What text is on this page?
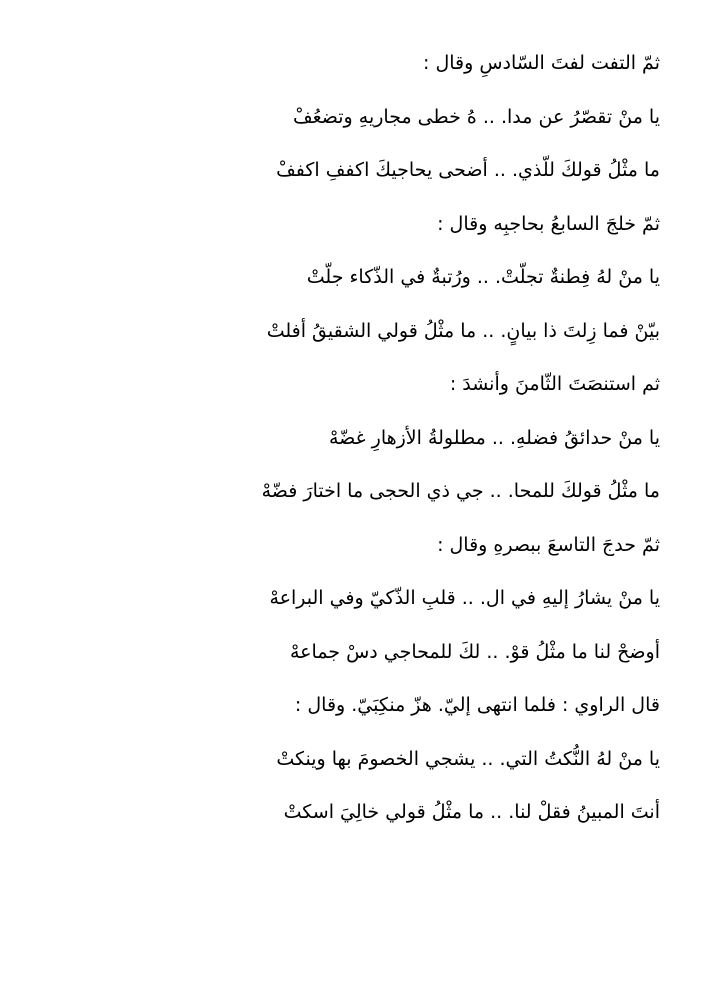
ثمّ التفت لفتَ السّادسِ وقال :
يا منْ تقصّرُ عن مدا. .. هُ خطى مجاريهِ وتضعُفْ
ما مثْلُ قولكَ للّذي. .. أضحى يحاجيكَ اكففِ اكففْ
ثمّ خلجَ السابعُ بحاجبِه وقال :
يا منْ لهُ فِطنةٌ تجلّتْ. .. ورُتبةٌ في الذّكاء جلّتْ
بيّنْ فما زِلتَ ذا بيانٍ. .. ما مثْلُ قولي الشقيقُ أفلتْ
ثم استنصَتَ الثّامنَ وأنشدَ :
يا منْ حدائقُ فضلهِ. .. مطلولةُ الأزهارِ غضّهْ
ما مثْلُ قولكَ للمحا. .. جي ذي الحجى ما اختارَ فضّهْ
ثمّ حدجَ التاسعَ ببصرهِ وقال :
يا منْ يشارُ إليهِ في ال. .. قلبِ الذّكيّ وفي البراعهْ
أوضحْ لنا ما مثْلُ قوْ. .. لكَ للمحاجي دسْ جماعهْ
قال الراوي : فلما انتهى إليّ. هزّ منكِبَيّ. وقال :
يا منْ لهُ النُّكتُ التي. .. يشجي الخصومَ بها وينكتْ
أنتَ المبينُ فقلْ لنا. .. ما مثْلُ قولي خالِيَ اسكتْ
